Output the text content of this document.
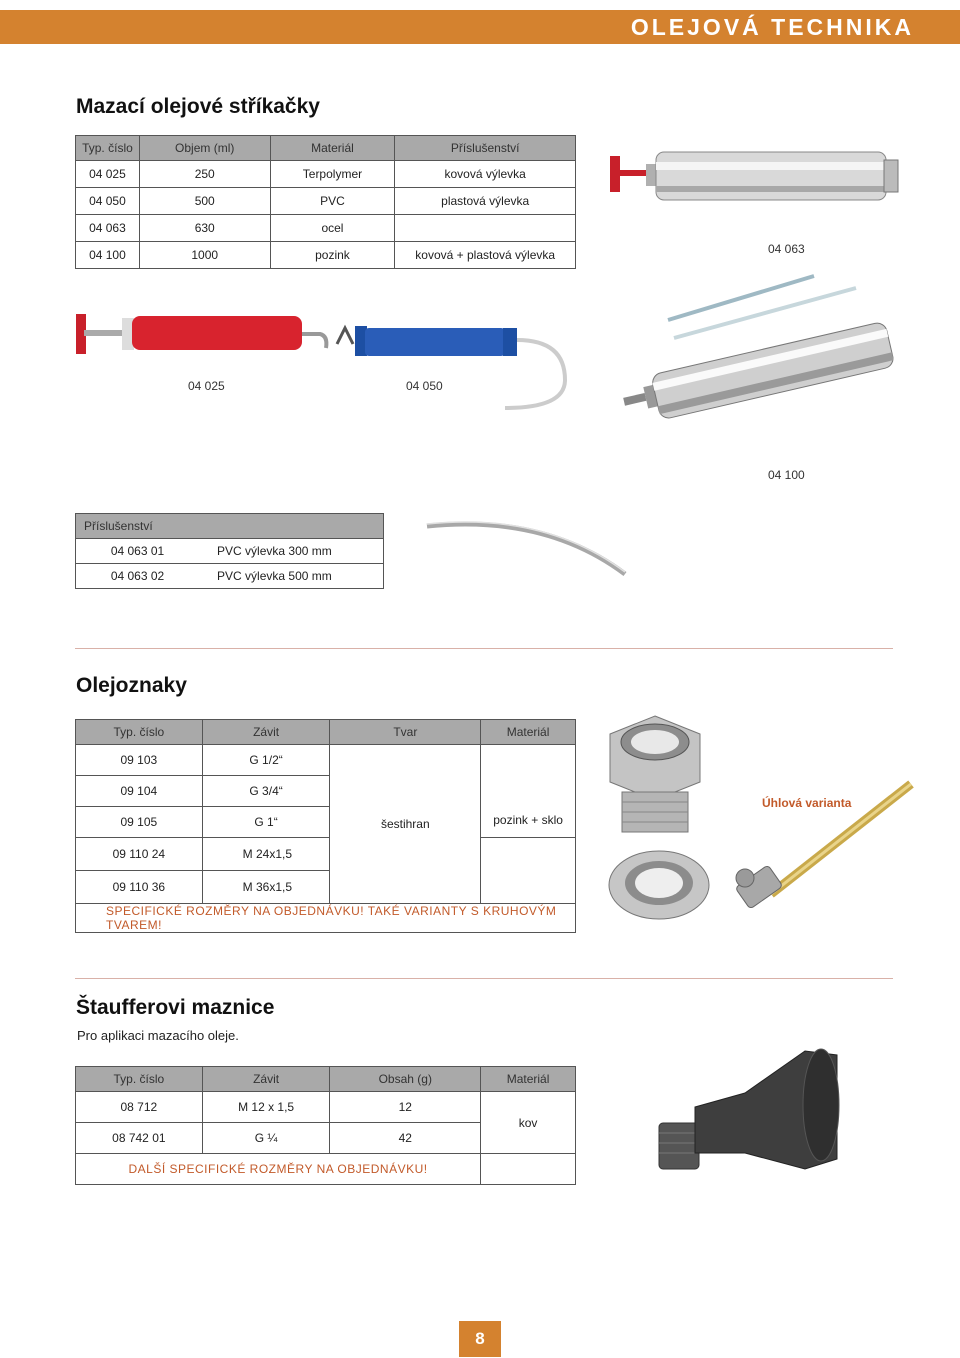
OLEJOVÁ TECHNIKA
Mazací olejové stříkačky
Typ. číslo	Objem (ml)	Materiál	Příslušenství
04 025	250	Terpolymer	kovová výlevka
04 050	500	PVC	plastová výlevka
04 063	630	ocel	
04 100	1000	pozink	kovová + plastová výlevka	04 063
04 025	04 050
04 100
Příslušenství	
04 063 01	PVC výlevka 300 mm
04 063 02	PVC výlevka 500 mm
Olejoznaky
Typ. číslo	Závit	Tvar	Materiál
09 103	G 1/2“	šestihran	pozink + sklo
09 104	G 3/4“		
09 105	G 1“		
09 110 24	M 24x1,5		
09 110 36	M 36x1,5		
SPECIFICKÉ ROZMĚRY NA OBJEDNÁVKU! TAKÉ VARIANTY S KRUHOVÝM TVAREM!			
Úhlová varianta
Štaufferovi maznice
Pro aplikaci mazacího oleje.
Typ. číslo	Závit	Obsah (g)	Materiál
08 712	M 12 x 1,5	12	kov
08 742 01	G ¼	42	
DALŠÍ SPECIFICKÉ ROZMĚRY NA OBJEDNÁVKU!			
8
